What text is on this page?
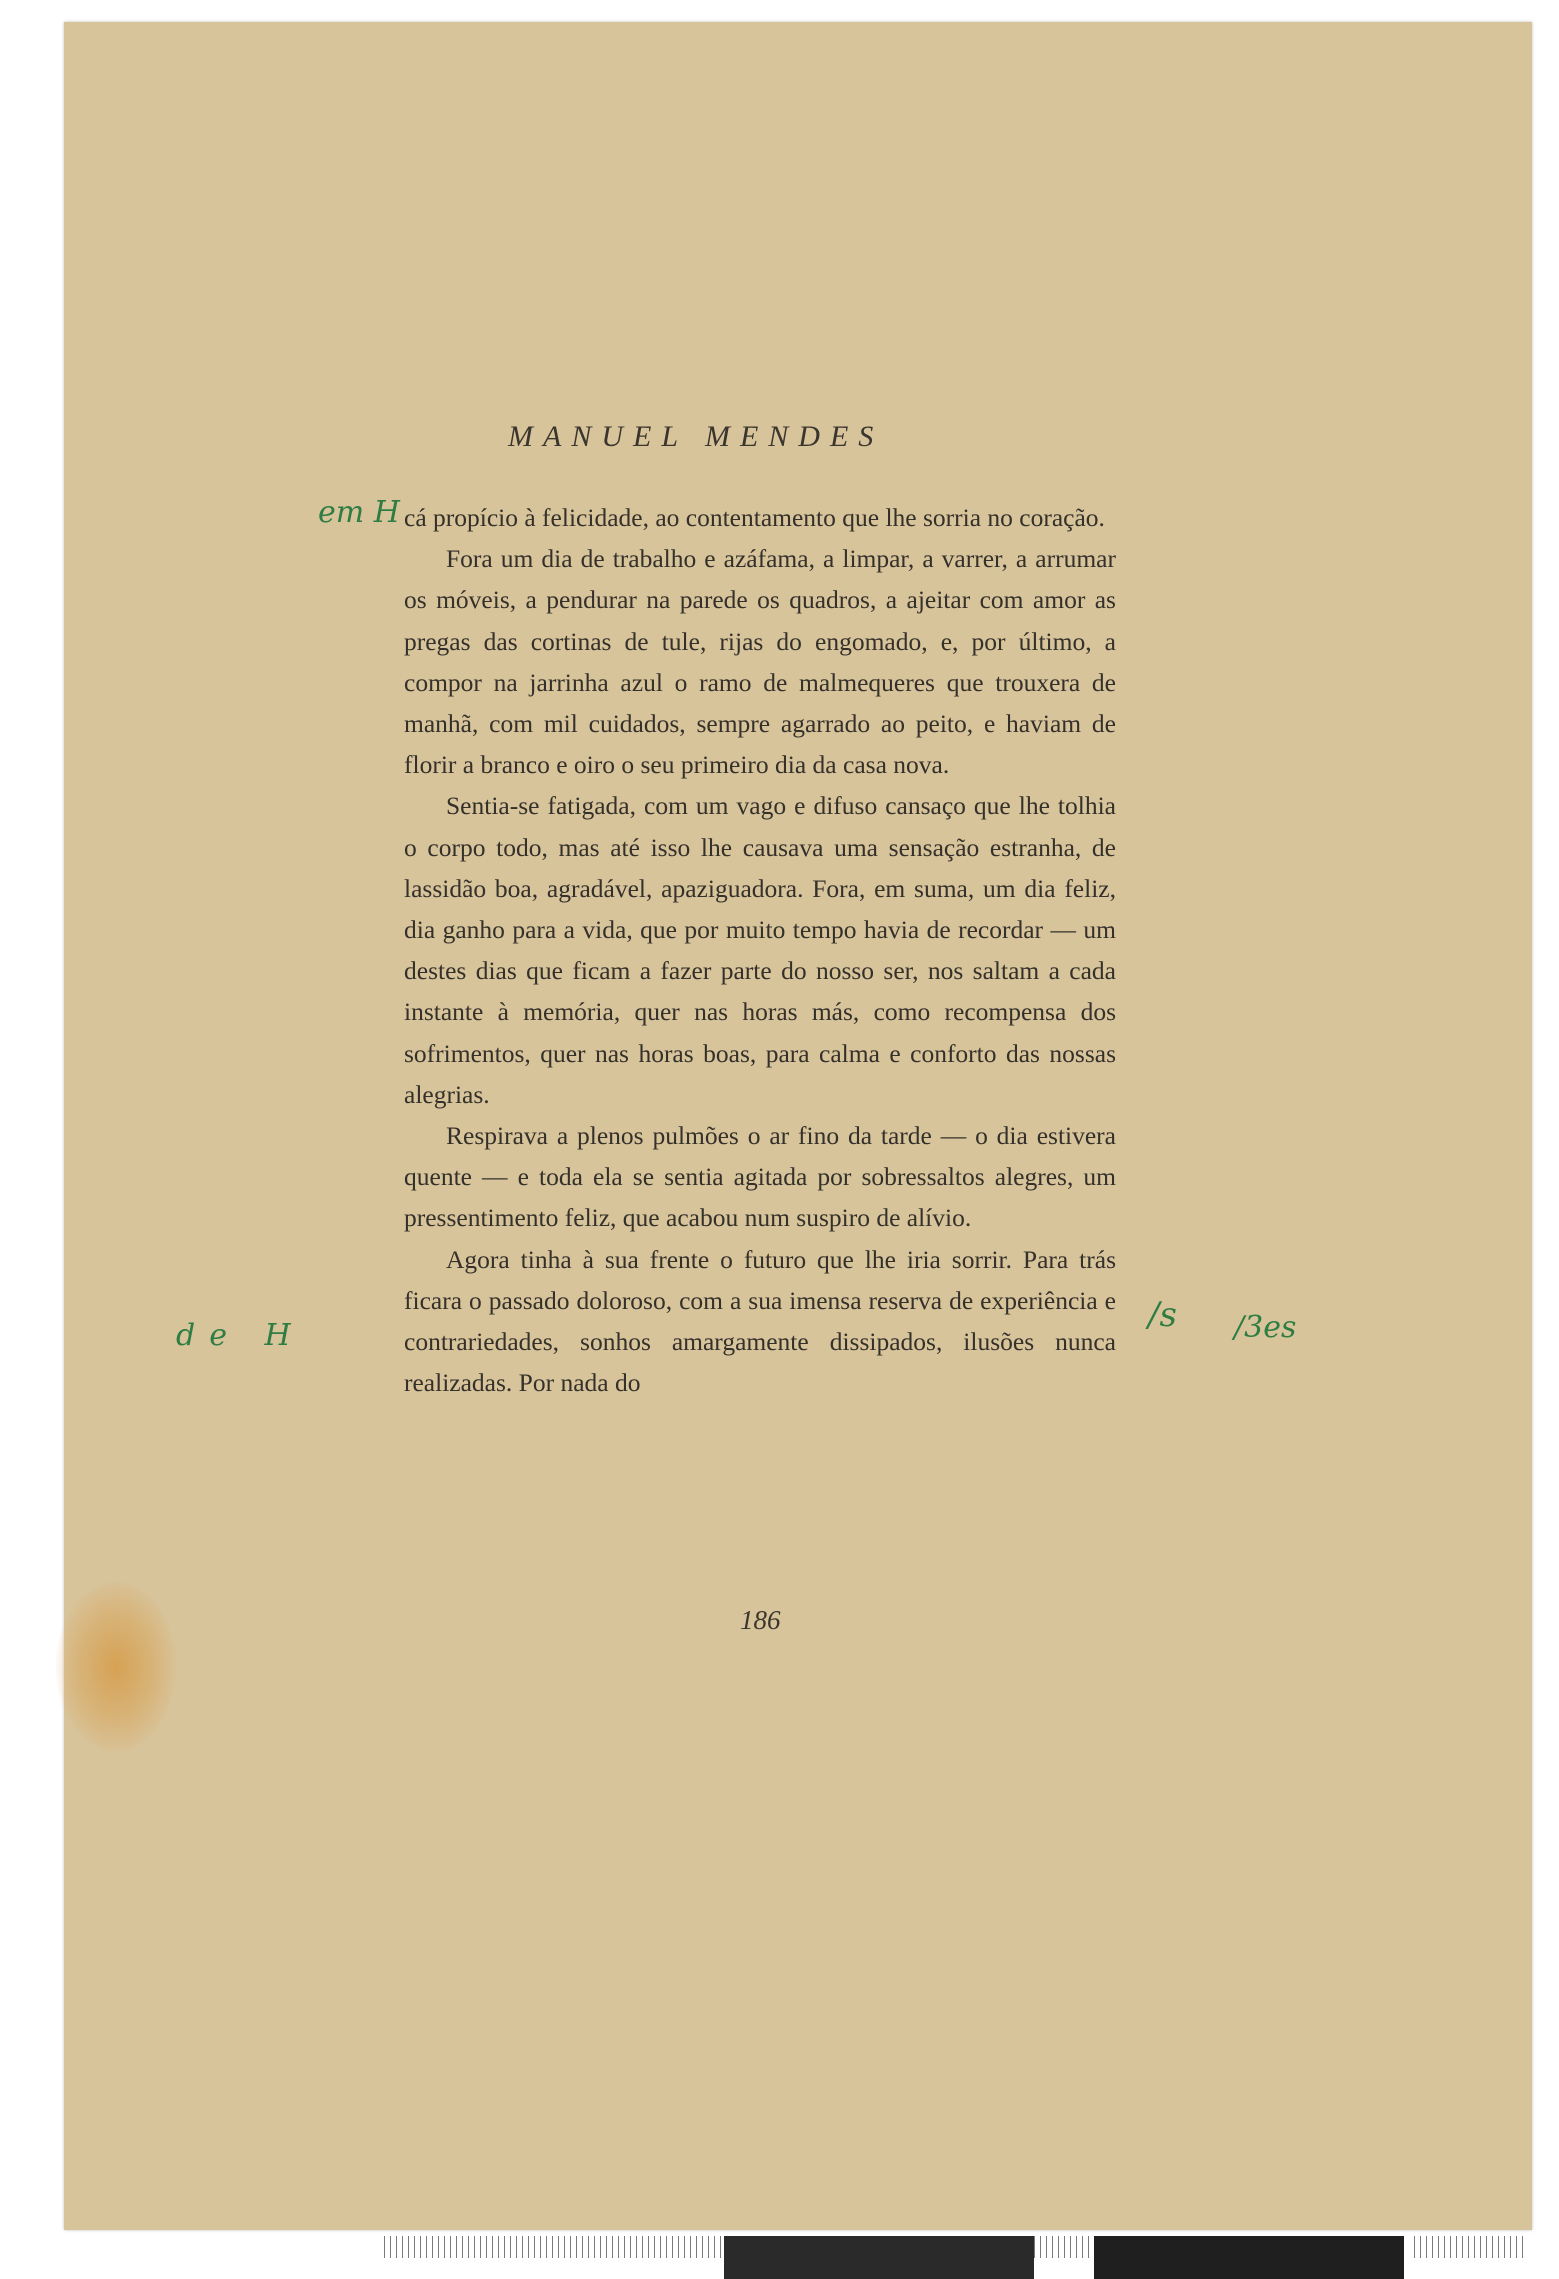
MANUEL MENDES

cá propício à felicidade, ao contentamento que lhe sorria no coração.

Fora um dia de trabalho e azáfama, a limpar, a varrer, a arrumar os móveis, a pendurar na parede os quadros, a ajeitar com amor as pregas das cortinas de tule, rijas do engomado, e, por último, a compor na jarrinha azul o ramo de malmequeres que trouxera de manhã, com mil cuidados, sempre agarrado ao peito, e haviam de florir a branco e oiro o seu primeiro dia da casa nova.

Sentia-se fatigada, com um vago e difuso cansaço que lhe tolhia o corpo todo, mas até isso lhe causava uma sensação estranha, de lassidão boa, agradável, apaziguadora. Fora, em suma, um dia feliz, dia ganho para a vida, que por muito tempo havia de recordar — um destes dias que ficam a fazer parte do nosso ser, nos saltam a cada instante à memória, quer nas horas más, como recompensa dos sofrimentos, quer nas horas boas, para calma e conforto das nossas alegrias.

Respirava a plenos pulmões o ar fino da tarde — o dia estivera quente — e toda ela se sentia agitada por sobressaltos alegres, um pressentimento feliz, que acabou num suspiro de alívio.

Agora tinha à sua frente o futuro que lhe iria sorrir. Para trás ficara o passado doloroso, com a sua imensa reserva de experiência e contrariedades, sonhos amargamente dissipados, ilusões nunca realizadas. Por nada do

186
em H
de H
/s /3es
